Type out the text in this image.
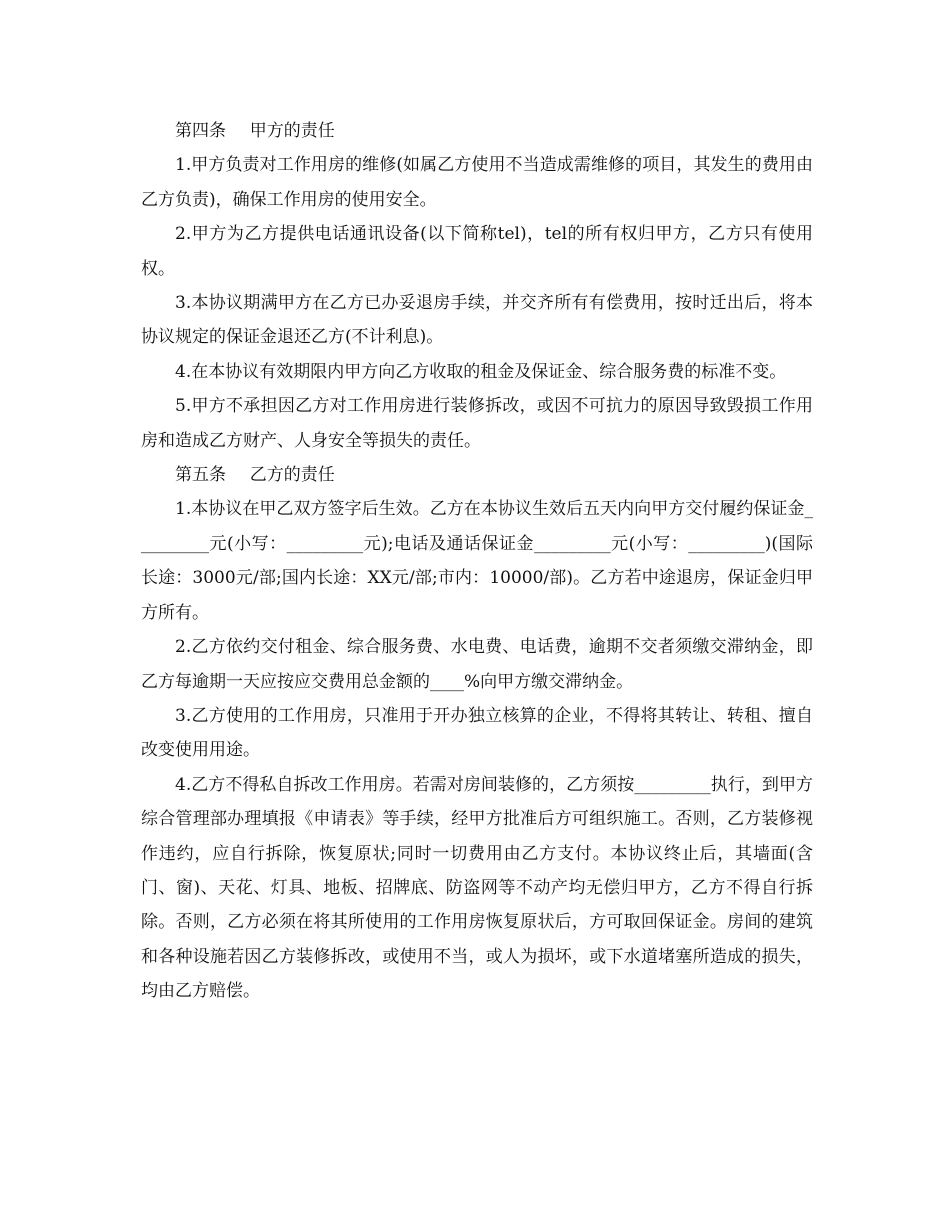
第四条 甲方的责任

1.甲方负责对工作用房的维修(如属乙方使用不当造成需维修的项目，其发生的费用由乙方负责)，确保工作用房的使用安全。

2.甲方为乙方提供电话通讯设备(以下简称tel)，tel的所有权归甲方，乙方只有使用权。

3.本协议期满甲方在乙方已办妥退房手续，并交齐所有有偿费用，按时迁出后，将本协议规定的保证金退还乙方(不计利息)。

4.在本协议有效期限内甲方向乙方收取的租金及保证金、综合服务费的标准不变。

5.甲方不承担因乙方对工作用房进行装修拆改，或因不可抗力的原因导致毁损工作用房和造成乙方财产、人身安全等损失的责任。

第五条 乙方的责任

1.本协议在甲乙双方签字后生效。乙方在本协议生效后五天内向甲方交付履约保证金_________元(小写：_________元);电话及通话保证金_________元(小写：_________)(国际长途：3000元/部;国内长途：XX元/部;市内：10000/部)。乙方若中途退房，保证金归甲方所有。

2.乙方依约交付租金、综合服务费、水电费、电话费，逾期不交者须缴交滞纳金，即乙方每逾期一天应按应交费用总金额的____%向甲方缴交滞纳金。

3.乙方使用的工作用房，只准用于开办独立核算的企业，不得将其转让、转租、擅自改变使用用途。

4.乙方不得私自拆改工作用房。若需对房间装修的，乙方须按_________执行，到甲方综合管理部办理填报《申请表》等手续，经甲方批准后方可组织施工。否则，乙方装修视作违约，应自行拆除，恢复原状;同时一切费用由乙方支付。本协议终止后，其墙面(含门、窗)、天花、灯具、地板、招牌底、防盗网等不动产均无偿归甲方，乙方不得自行拆除。否则，乙方必须在将其所使用的工作用房恢复原状后，方可取回保证金。房间的建筑和各种设施若因乙方装修拆改，或使用不当，或人为损坏，或下水道堵塞所造成的损失，均由乙方赔偿。
